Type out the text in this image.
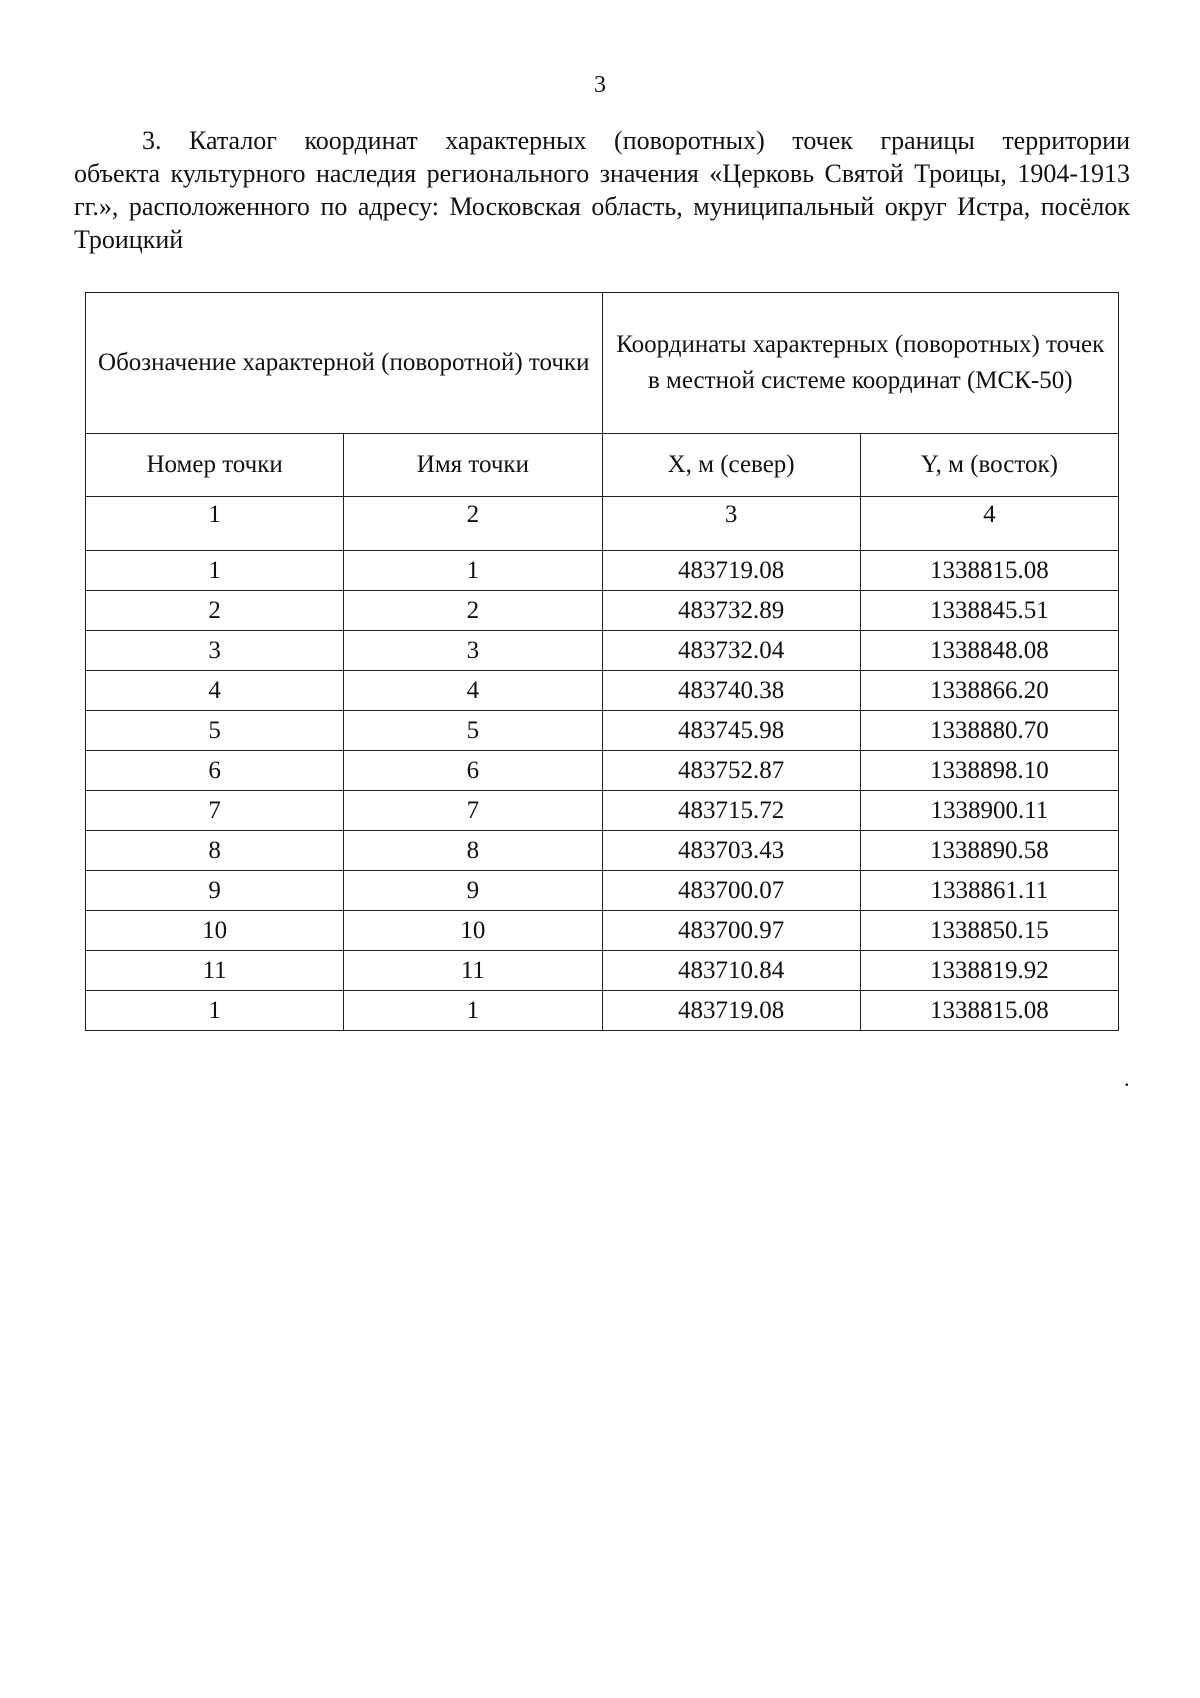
3

3. Каталог координат характерных (поворотных) точек границы территории
объекта культурного наследия регионального значения «Церковь Святой Троицы, 1904-1913 гг.», расположенного по адресу: Московская область, муниципальный округ Истра, посёлок Троицкий

Обозначение характерной (поворотной) точки		Координаты характерных (поворотных) точек в местной системе координат (МСК-50)	
Номер точки	Имя точки	X, м (север)	Y, м (восток)
1	2	3	4
1	1	483719.08	1338815.08
2	2	483732.89	1338845.51
3	3	483732.04	1338848.08
4	4	483740.38	1338866.20
5	5	483745.98	1338880.70
6	6	483752.87	1338898.10
7	7	483715.72	1338900.11
8	8	483703.43	1338890.58
9	9	483700.07	1338861.11
10	10	483700.97	1338850.15
11	11	483710.84	1338819.92
1	1	483719.08	1338815.08
.
